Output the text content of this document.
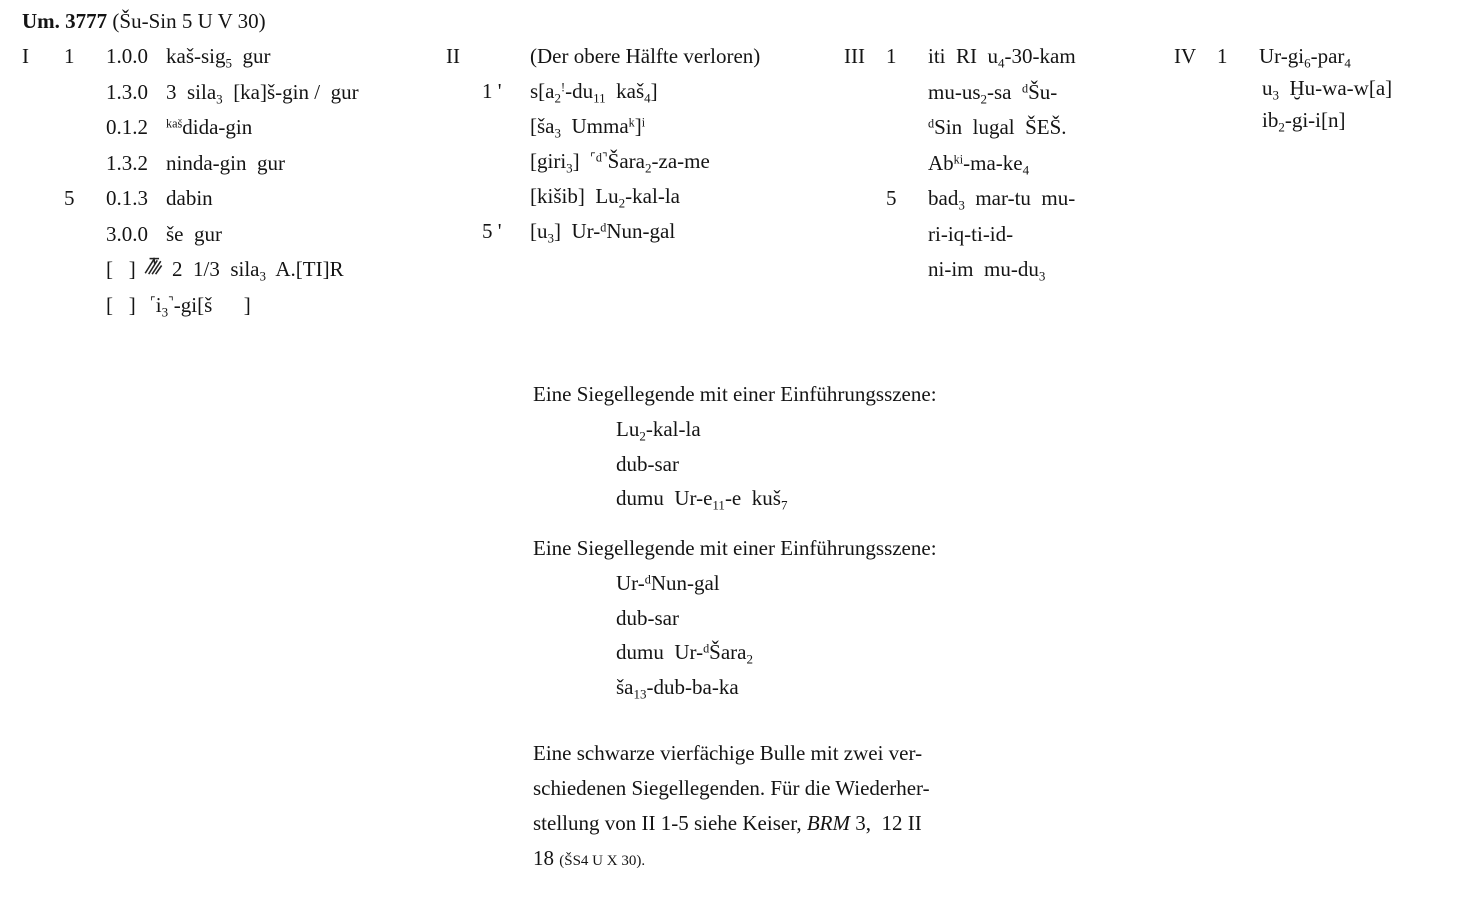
Um. 3777 (Šu-Sin 5 U V 30)
I 1 1.0.0 kaš-sig$_5$  gur
1.3.0 3  sila$_3$  [ka]š-gin /  gur
0.1.2 $^{kaš}$dida-gin
1.3.2 ninda-gin  gur
5 0.1.3 dabin
3.0.0 še  gur
[   ] 2  1/3  sila$_3$  A.[TI]R
[   ] $^⌜i_3^⌝-gi[š$      ]
II	(Der obere Hälfte verloren)
1 ' $s[a_2^!-du_{11}$  kaš$_4$]
[$ša_3$  Umma$^k$]$^i$
[giri$_3$]  $^{⌜d⌝}$Šara$_2$-za-me
[kišib]  $Lu_2-kal-la$
5 ' $[u_3]$  Ur-$^d$Nun-gal
III 1 iti  RI  $u_4-30$-kam
$mu-us_2-sa$  $^d$Šu-
$^d$Sin  lugal  ŠEŠ.
$Ab^{ki}-ma-ke_4$
5 bad$_3$  mar-tu  mu-
ri-iq-ti-id-
ni-im  $mu-du_3$
IV 1 $Ur-gi_6-par_4$
$u_3$  Ḫu-wa-w[a]
$ib_2-gi-i[n]$
Eine Siegellegende mit einer Einführungsszene:
$Lu_2-kal-la$
dub-sar
dumu  $Ur-e_{11}-e$  kuš$_7$
Eine Siegellegende mit einer Einführungsszene:
Ur-$^d$Nun-gal
dub-sar
dumu  Ur-$^d$Šara$_2$
$ša_{13}-dub-ba-ka$
Eine schwarze vierfächige Bulle mit zwei ver-
schiedenen Siegellegenden. Für die Wiederher-
stellung von II 1-5 siehe Keiser, BRM 3,  12 II
18 (ŠS4 U X 30).
